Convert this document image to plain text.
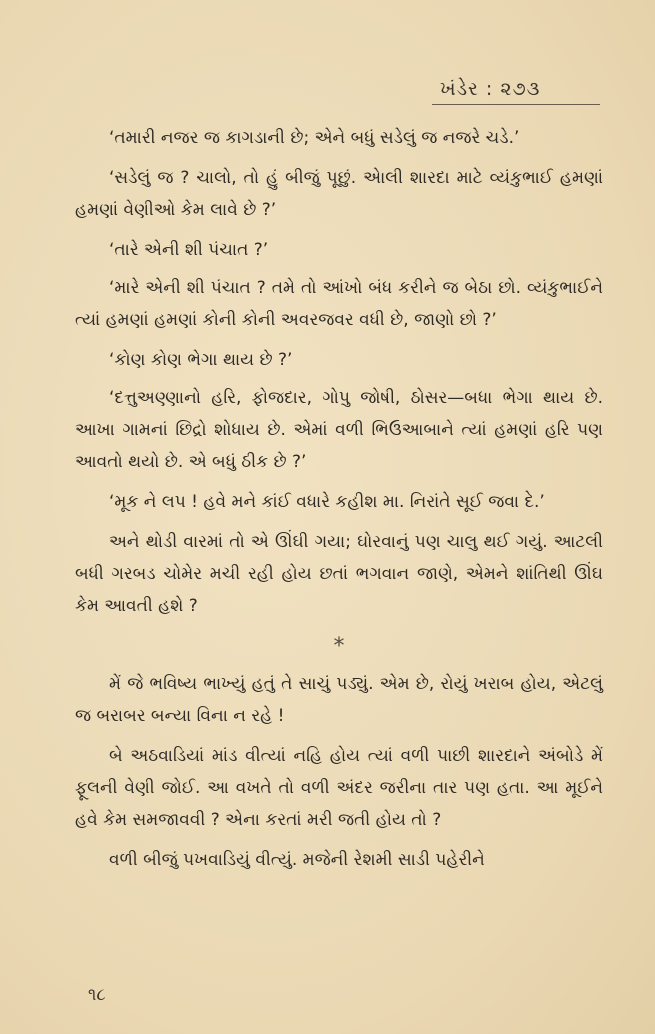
ખંડેર : ૨૭૩

‘તમારી નજર જ કાગડાની છે; એને બધું સડેલું જ નજરે ચડે.’

‘સડેલું જ ? ચાલો, તો હું બીજું પૂછું. એાલી શારદા માટે વ્યંકુભાઈ હમણાં હમણાં વેણીઓ કેમ લાવે છે ?’

‘તારે એની શી પંચાત ?’

‘મારે એની શી પંચાત ? તમે તો આંખો બંધ કરીને જ બેઠા છો. વ્યંકુભાઈને ત્યાં હમણાં હમણાં કોની કોની અવરજવર વધી છે, જાણો છો ?’

‘કોણ કોણ ભેગા થાય છે ?’

‘દત્તુઅણ્ણાનો હરિ, ફોજદાર, ગોપુ જોષી, ઠોસર—બધા ભેગા થાય છે. આખા ગામનાં છિદ્રો શોધાય છે. એમાં વળી ભિઉઆબાને ત્યાં હમણાં હરિ પણ આવતો થયો છે. એ બધું ઠીક છે ?’

‘મૂક ને લપ ! હવે મને કાંઈ વધારે કહીશ મા. નિરાંતે સૂઈ જવા દે.’

અને થોડી વારમાં તો એ ઊંઘી ગયા; ઘોરવાનું પણ ચાલુ થઈ ગયું. આટલી બધી ગરબડ ચોમેર મચી રહી હોય છતાં ભગવાન જાણે, એમને શાંતિથી ઊંઘ કેમ આવતી હશે ?

*

મેં જે ભવિષ્ય ભાખ્યું હતું તે સાચું પડ્યું. એમ છે, રોયું ખરાબ હોય, એટલું જ બરાબર બન્યા વિના ન રહે !

બે અઠવાડિયાં માંડ વીત્યાં નહિ હોય ત્યાં વળી પાછી શારદાને અંબોડે મેં ફૂલની વેણી જોઈ. આ વખતે તો વળી અંદર જરીના તાર પણ હતા. આ મૂઈને હવે કેમ સમજાવવી ? એના કરતાં મરી જતી હોય તો ?

વળી બીજું પખવાડિયું વીત્યું. મજેની રેશમી સાડી પહેરીને

૧૮
